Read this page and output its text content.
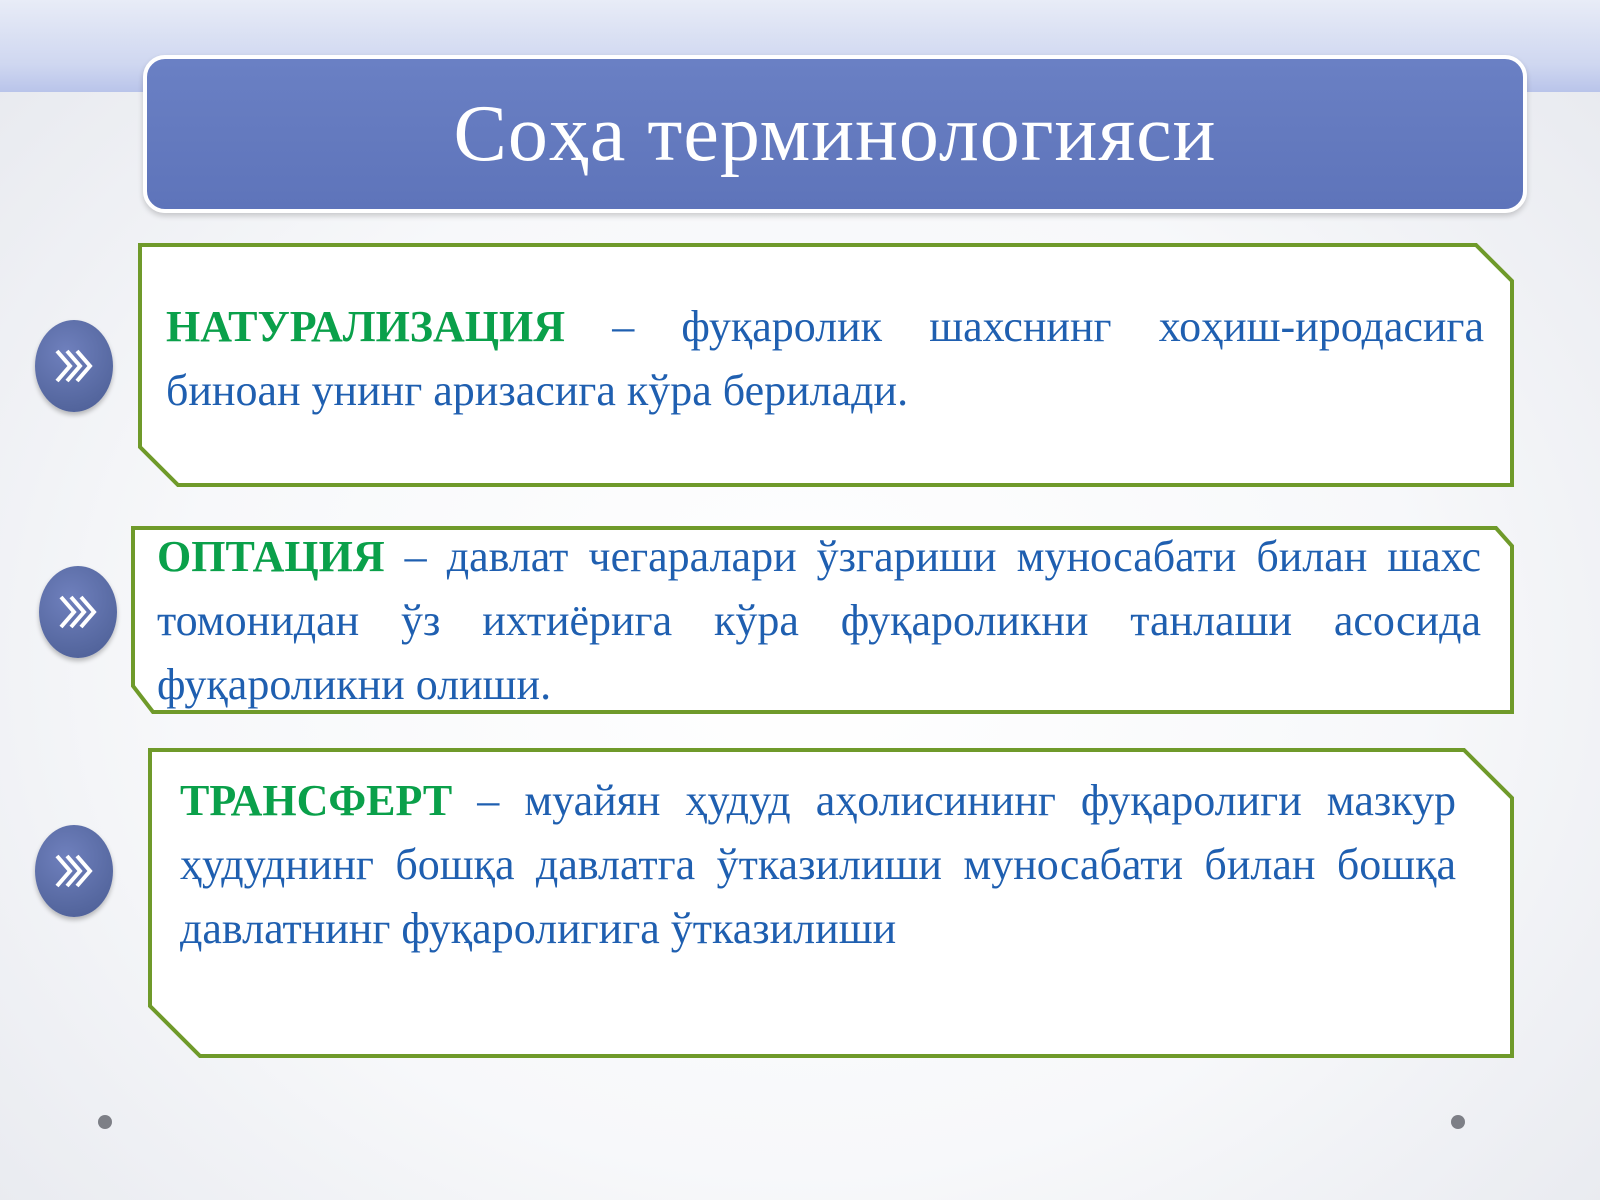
Соҳа терминологияси
НАТУРАЛИЗАЦИЯ – фуқаролик шахснинг хоҳиш-иродасига биноан унинг аризасига кўра берилади.
ОПТАЦИЯ – давлат чегаралари ўзгариши муносабати билан шахс томонидан ўз ихтиёрига кўра фуқароликни танлаши асосида фуқароликни олиши.
ТРАНСФЕРТ – муайян ҳудуд аҳолисининг фуқаролиги мазкур ҳудуднинг бошқа давлатга ўтказилиши муносабати билан бошқа давлатнинг фуқаролигига ўтказилиши
